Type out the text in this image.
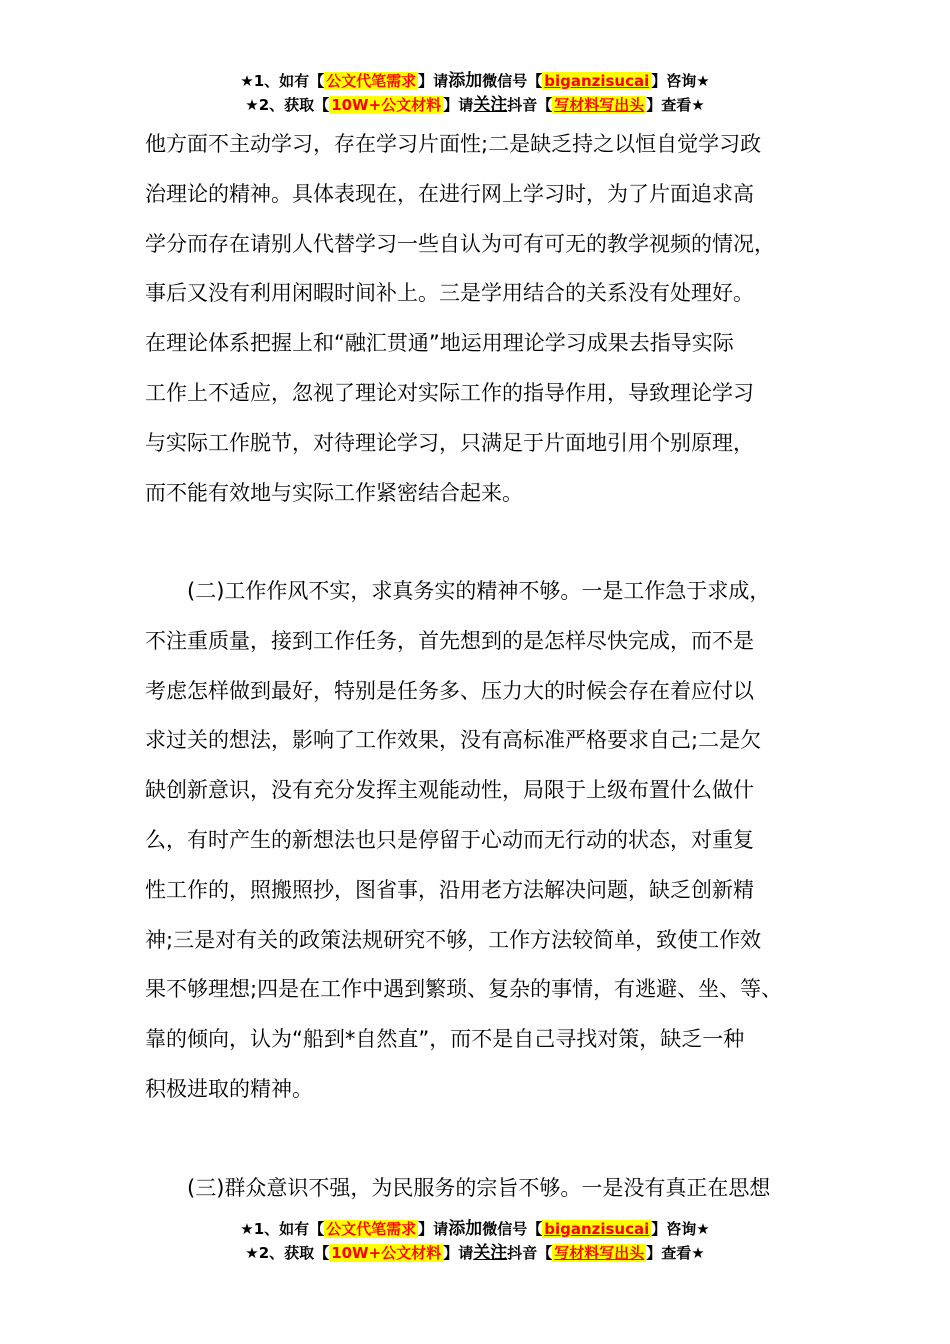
★1、如有【 公文代笔需求 】请添加微信号【 biganzisucai 】咨询★
★2、获取【 10W+公文材料 】请关注抖音【 写材料写出头 】查看★
他方面不主动学习，存在学习片面性;二是缺乏持之以恒自觉学习政
治理论的精神。具体表现在，在进行网上学习时，为了片面追求高
学分而存在请别人代替学习一些自认为可有可无的教学视频的情况，
事后又没有利用闲暇时间补上。三是学用结合的关系没有处理好。
在理论体系把握上和“融汇贯通”地运用理论学习成果去指导实际
工作上不适应，忽视了理论对实际工作的指导作用，导致理论学习
与实际工作脱节，对待理论学习，只满足于片面地引用个别原理，
而不能有效地与实际工作紧密结合起来。
　　(二)工作作风不实，求真务实的精神不够。一是工作急于求成，
不注重质量，接到工作任务，首先想到的是怎样尽快完成，而不是
考虑怎样做到最好，特别是任务多、压力大的时候会存在着应付以
求过关的想法，影响了工作效果，没有高标准严格要求自己;二是欠
缺创新意识，没有充分发挥主观能动性，局限于上级布置什么做什
么，有时产生的新想法也只是停留于心动而无行动的状态，对重复
性工作的，照搬照抄，图省事，沿用老方法解决问题，缺乏创新精
神;三是对有关的政策法规研究不够，工作方法较简单，致使工作效
果不够理想;四是在工作中遇到繁琐、复杂的事情，有逃避、坐、等、
靠的倾向，认为“船到*自然直”，而不是自己寻找对策，缺乏一种
积极进取的精神。
　　(三)群众意识不强，为民服务的宗旨不够。一是没有真正在思想
★1、如有【 公文代笔需求 】请添加微信号【 biganzisucai 】咨询★
★2、获取【 10W+公文材料 】请关注抖音【 写材料写出头 】查看★
